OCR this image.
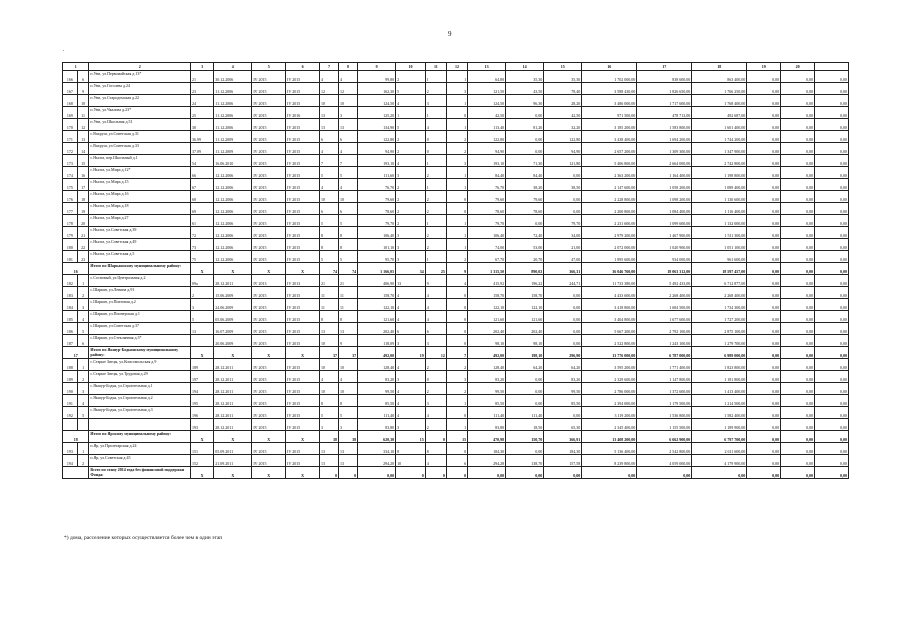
9
.
1		2	3	4	5	6	7	8	9	10	11	12	13	14	15	16	17	18	19	20	
166	6	п.Уни, ул.Первомайская д.13*	21	30.12.2006	IV 2015	IV 2015	4	4	99,80	2	1	1	64,80	35,30	35,30	1 702 000,00	838 600,00	863 400,00	0,00	0,00	0,00
167	9	п.Уни, ул.Гоголева д.24	23	11.12.2006	IV 2015	IV 2015	12	12	162,30	5	2	3	121,50	43,50	78,40	3 588 430,00	1 826 650,00	1 766 250,00	0,00	0,00	0,00
168	10	п.Уни, ул.Стародомская д.22	24	11.12.2006	IV 2015	IV 2015	10	10	124,50	4	3	1	124,50	96,30	28,20	3 486 000,00	1 717 600,00	1 768 400,00	0,00	0,00	0,00
169	11	п.Уни, ул.Чкалова д.23*	25	11.12.2006	IV 2015	IV 2016	13	3	125,20	1	1	0	42,50	0,00	42,50	971 500,00	478 713,00	492 687,00	0,00	0,00	0,00
170	12	п.Уни, ул.Школьная д.51	30	11.12.2006	IV 2015	IV 2015	13	13	134,90	5	4	1	113,40	81,20	32,20	3 185 200,00	1 583 800,00	1 601 400,00	0,00	0,00	0,00
171	13	с.Вахруш, ул.Советская д.31	36.99	11.12.2009	IV 2015	IV 2015	6	6	122,80	2	0	2	122,80	0,00	122,80	3 438 400,00	1 694 200,00	1 744 200,00	0,00	0,00	0,00
172	14	с.Вахруш, ул.Советская д.33	37.09	11.12.2009	IV 2015	IV 2015	4	4	94,90	2	0	2	94,90	0,00	94,90	2 657 200,00	1 309 300,00	1 347 900,00	0,00	0,00	0,00
173	15	с.Нылга, пер.Школьный д.1	54	16.06.2010	IV 2015	IV 2015	7	7	193,10	4	1	3	193,10	71,30	121,80	5 406 800,00	2 664 000,00	2 742 800,00	0,00	0,00	0,00
174	16	с.Нылга, ул.Мира д.12*	66	12.12.2006	IV 2015	IV 2015	5	5	111,60	3	2	1	84,40	84,40	0,00	2 363 200,00	1 164 400,00	1 198 800,00	0,00	0,00	0,00
175	17	с.Нылга, ул.Мира д.15	67	12.12.2006	IV 2015	IV 2015	4	4	76,70	2	1	1	76,70	38,20	38,50	2 147 600,00	1 058 200,00	1 089 400,00	0,00	0,00	0,00
176	18	с.Нылга, ул.Мира д.16	68	12.12.2006	IV 2015	IV 2015	10	10	79,60	2	2	0	79,60	79,60	0,00	2 228 800,00	1 098 200,00	1 130 600,00	0,00	0,00	0,00
177	19	с.Нылга, ул.Мира д.18	69	12.12.2006	IV 2015	IV 2015	6	6	78,60	2	2	0	78,60	78,60	0,00	2 200 800,00	1 084 400,00	1 116 400,00	0,00	0,00	0,00
178	20	с.Нылга, ул.Мира д.27	61	12.12.2006	IV 2015	IV 2015	5	5	79,70	2	1	1	79,70	0,00	79,70	2 231 600,00	1 099 600,00	1 132 000,00	0,00	0,00	0,00
179	21	с.Нылга, ул.Советская д.39	72	12.12.2006	IV 2015	IV 2015	8	8	106,40	3	2	1	106,40	72,40	34,00	2 979 200,00	1 467 900,00	1 511 300,00	0,00	0,00	0,00
180	22	с.Нылга, ул.Советская д.49	73	12.12.2006	IV 2015	IV 2015	8	8	101,10	3	2	1	74,00	53,00	21,00	2 072 000,00	1 020 900,00	1 051 100,00	0,00	0,00	0,00
181	23	с.Нылга, ул.Советская д.5	75	12.12.2006	IV 2015	IV 2015	5	5	95,70	3	1	2	67,70	20,70	47,00	1 895 600,00	934 000,00	961 600,00	0,00	0,00	0,00
16		Итого по Шарканскому муниципальному району:	X	X	X	X	74	74	1 166,05	34	25	9	1 315,50	890,02	366,31	36 046 760,00	18 063 312,00	18 597 457,00	0,00	0,00	0,00
182	1	с.Сосновый, ул.Центральная д.2	09а	28.12.2011	IV 2013	IV 2013	21	21	406,90	13	9	4	415,92	196,22	244,71	11 733 380,00	5 492 433,00	6 712 877,00	0,00	0,00	0,00
183	2	с.Шаркан, ул.Ленина д.91	2	15.06.2009	IV 2015	IV 2015	11	11	158,70	4	4	0	158,70	158,70	0,00	4 433 600,00	2 268 400,00	2 268 400,00	0,00	0,00	0,00
184	3	с.Шаркан, ул.Пихтовая д.2	3	24.06.2009	IV 2015	IV 2015	11	11	122,10	4	4	0	122,10	122,10	0,00	3 418 800,00	1 684 500,00	1 734 300,00	0,00	0,00	0,00
185	4	с.Шаркан, ул.Пионерская д.1	5	05.06.2009	IV 2015	IV 2015	8	8	121,60	4	4	0	121,60	121,60	0,00	3 404 800,00	1 677 600,00	1 727 200,00	0,00	0,00	0,00
186	5	с.Шаркан, ул.Советская д.37	13	16.07.2009	IV 2015	IV 2015	13	13	202,40	6	6	0	202,40	202,40	0,00	5 667 200,00	2 792 100,00	2 875 100,00	0,00	0,00	0,00
187	6	с.Шаркан, ул.Стеклянная д.3*		20.06.2009	IV 2015	IV 2015	10	9	118,09	3	3	0	98,10	98,10	0,00	2 522 800,00	1 243 100,00	1 279 700,00	0,00	0,00	0,00
17		Итого по Якшур-Бодьинскому муниципальному району:	X	X	X	X	37	37	492,00	19	12	7	492,00	198,10	296,90	13 776 000,00	6 787 000,00	6 989 000,00	0,00	0,00	0,00
188	1	с.Старые Зятцы, ул.Комсомольская д.9	189	28.12.2011	IV 2015	IV 2015	10	10	128,40	4	2	2	128,40	64,20	64,20	3 595 200,00	1 771 400,00	1 823 800,00	0,00	0,00	0,00
189	2	с.Старые Зятцы, ул.Трудовая д.29	197	28.12.2011	IV 2015	IV 2015	4	4	83,20	3	0	3	83,20	0,00	83,20	2 329 600,00	1 147 800,00	1 181 800,00	0,00	0,00	0,00
190	3	с.Якшур-Бодья, ул.Строительная д.1	194	28.12.2011	IV 2015	IV 2015	10	10	99,50	4	2	2	99,50	0,00	99,50	2 786 000,00	1 372 600,00	1 413 400,00	0,00	0,00	0,00
191	4	с.Якшур-Бодья, ул.Строительная д.2	195	28.12.2011	IV 2015	IV 2015	8	8	85,50	4	3	1	85,50	0,00	85,50	2 394 000,00	1 179 500,00	1 214 500,00	0,00	0,00	0,00
192	5	с.Якшур-Бодья, ул.Строительная д.3	196	28.12.2011	IV 2015	IV 2015	5	5	111,40	4	4	0	111,40	111,40	0,00	3 119 200,00	1 536 800,00	1 582 400,00	0,00	0,00	0,00
			193	28.12.2011	IV 2015	IV 2015	3	3	83,80	3	2	1	83,80	18,50	65,30	2 345 400,00	1 155 500,00	1 189 900,00	0,00	0,00	0,00
18		Итого по Ярскому муниципальному району:	X	X	X	X	38	38	620,30	15	0	15	470,98	150,70	366,91	13 408 200,00	6 662 900,00	6 797 700,00	0,00	0,00	0,00
193	1	п.Яр, ул.Пролетарская д.24	151	05.09.2011	IV 2015	IV 2015	13	13	334,10	8	8	0	184,30	0,00	184,30	5 136 400,00	2 542 800,00	2 611 600,00	0,00	0,00	0,00
194	2	п.Яр, ул.Советская д.45	152	21.09.2011	IV 2015	IV 2015	13	13	294,20	10	4	6	294,28	138,70	157,58	8 239 800,00	4 059 000,00	4 179 900,00	0,00	0,00	0,00
		Всего по этапу 2014 года без финансовой поддержки Фонда:	X	X	X	X	0	0	0,00	0	0	0	0,00	0,00	0,00	0,00	0,00	0,00	0,00	0,00	0,00
*) дома, расселение которых осуществляется более чем в один этап
